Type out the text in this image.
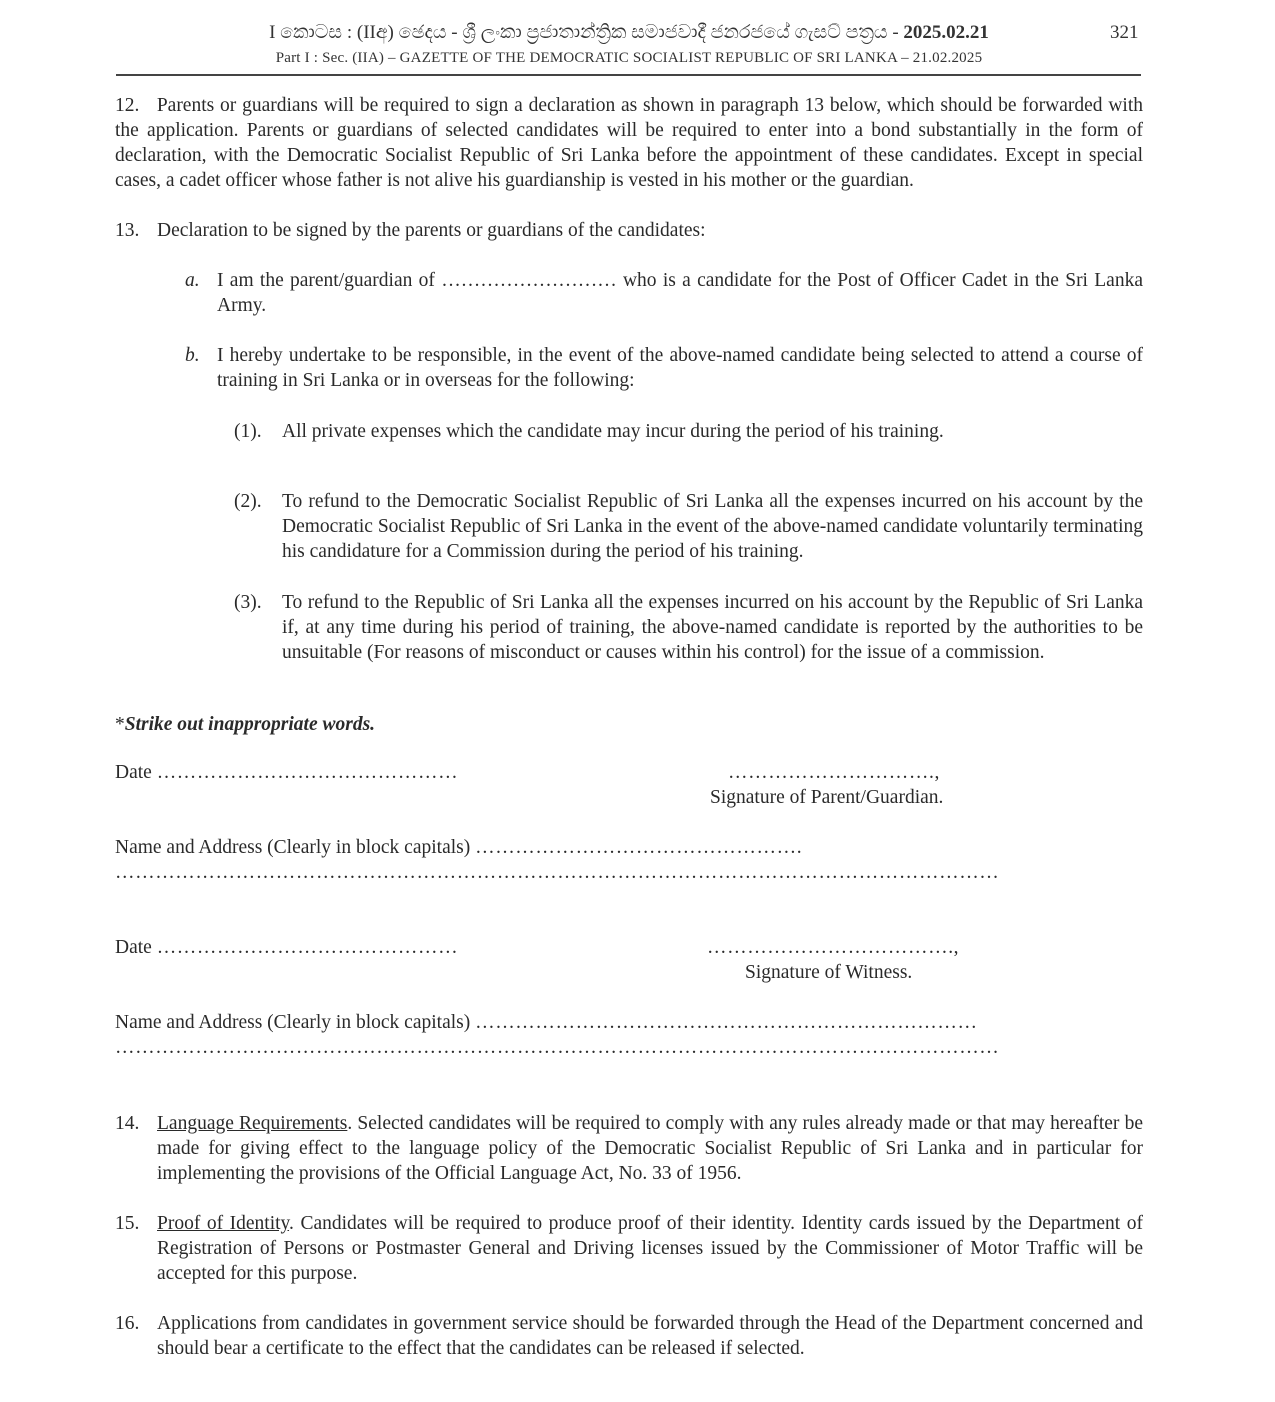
I කොටස : (IIඅ) ඡෙදය - ශ්‍රී ලංකා ප්‍රජාතාන්ත්‍රික සමාජවාදී ජනරජයේ ගැසට් පත්‍රය - 2025.02.21	321
Part I : Sec. (IIA) – GAZETTE OF THE DEMOCRATIC SOCIALIST REPUBLIC OF SRI LANKA – 21.02.2025
12. Parents or guardians will be required to sign a declaration as shown in paragraph 13 below, which should be forwarded with the application. Parents or guardians of selected candidates will be required to enter into a bond substantially in the form of declaration, with the Democratic Socialist Republic of Sri Lanka before the appointment of these candidates. Except in special cases, a cadet officer whose father is not alive his guardianship is vested in his mother or the guardian.
13. Declaration to be signed by the parents or guardians of the candidates:
a. I am the parent/guardian of ……………………… who is a candidate for the Post of Officer Cadet in the Sri Lanka Army.
b. I hereby undertake to be responsible, in the event of the above-named candidate being selected to attend a course of training in Sri Lanka or in overseas for the following:
(1). All private expenses which the candidate may incur during the period of his training.
(2). To refund to the Democratic Socialist Republic of Sri Lanka all the expenses incurred on his account by the Democratic Socialist Republic of Sri Lanka in the event of the above-named candidate voluntarily terminating his candidature for a Commission during the period of his training.
(3). To refund to the Republic of Sri Lanka all the expenses incurred on his account by the Republic of Sri Lanka if, at any time during his period of training, the above-named candidate is reported by the authorities to be unsuitable (For reasons of misconduct or causes within his control) for the issue of a commission.
*Strike out inappropriate words.
Date ………………………………………	………………………….,
Signature of Parent/Guardian.
Name and Address (Clearly in block capitals) ………………………………………….
……………………………………………………………………………………………………………………
Date ………………………………………	……………………………….,
Signature of Witness.
Name and Address (Clearly in block capitals) …………………………………………………………………
……………………………………………………………………………………………………………………
14. Language Requirements. Selected candidates will be required to comply with any rules already made or that may hereafter be made for giving effect to the language policy of the Democratic Socialist Republic of Sri Lanka and in particular for implementing the provisions of the Official Language Act, No. 33 of 1956.
15. Proof of Identity. Candidates will be required to produce proof of their identity. Identity cards issued by the Department of Registration of Persons or Postmaster General and Driving licenses issued by the Commissioner of Motor Traffic will be accepted for this purpose.
16. Applications from candidates in government service should be forwarded through the Head of the Department concerned and should bear a certificate to the effect that the candidates can be released if selected.
